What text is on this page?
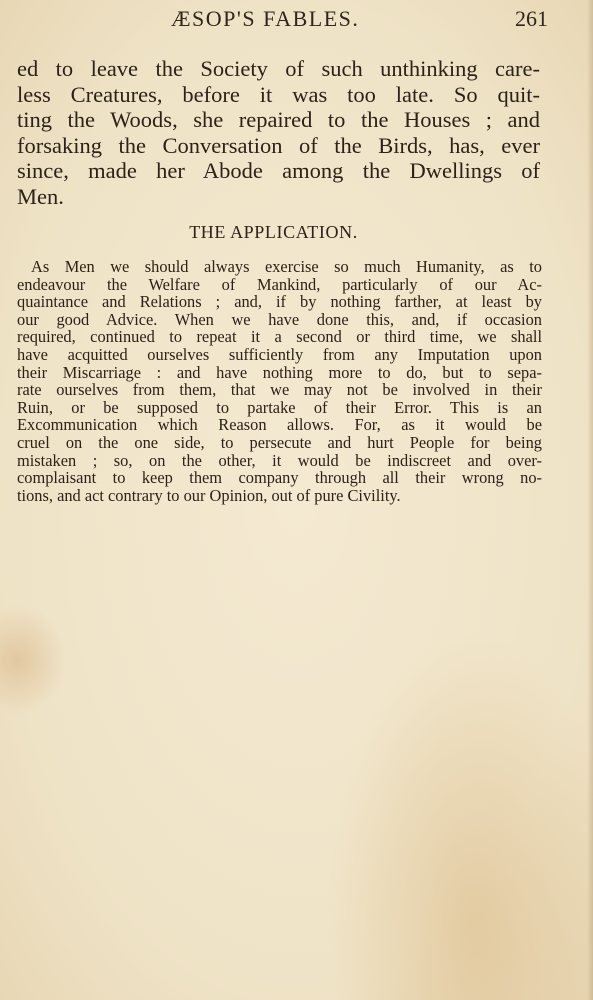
ÆSOP'S FABLES.	261
ed to leave the Society of such unthinking care-
less Creatures, before it was too late. So quit-
ting the Woods, she repaired to the Houses ; and
forsaking the Conversation of the Birds, has, ever
since, made her Abode among the Dwellings of
Men.
THE APPLICATION.
As Men we should always exercise so much Humanity, as to
endeavour the Welfare of Mankind, particularly of our Ac-
quaintance and Relations ; and, if by nothing farther, at least by
our good Advice. When we have done this, and, if occasion
required, continued to repeat it a second or third time, we shall
have acquitted ourselves sufficiently from any Imputation upon
their Miscarriage : and have nothing more to do, but to sepa-
rate ourselves from them, that we may not be involved in their
Ruin, or be supposed to partake of their Error. This is an
Excommunication which Reason allows. For, as it would be
cruel on the one side, to persecute and hurt People for being
mistaken ; so, on the other, it would be indiscreet and over-
complaisant to keep them company through all their wrong no-
tions, and act contrary to our Opinion, out of pure Civility.
